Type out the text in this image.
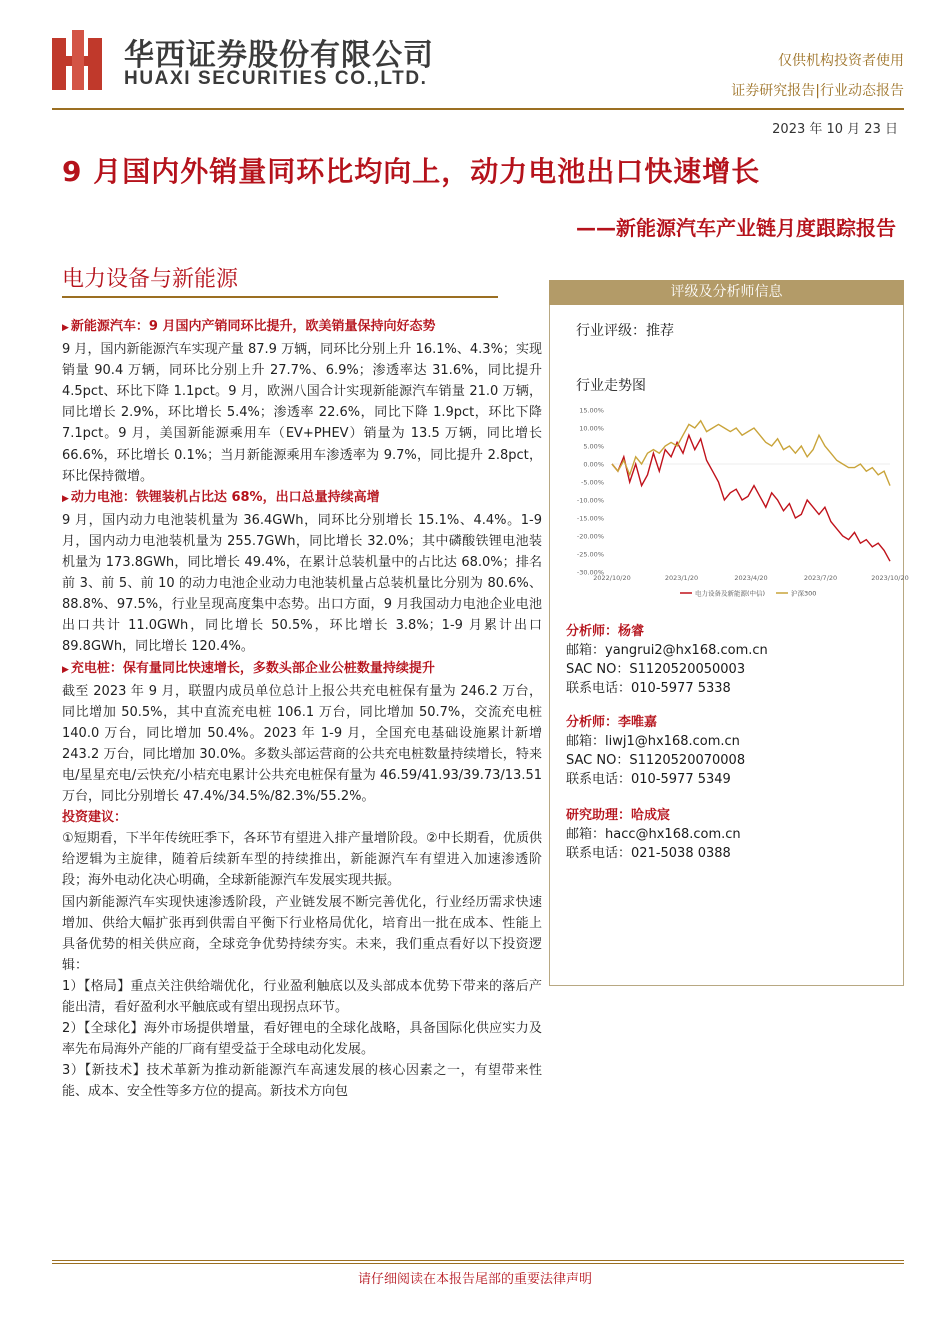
华西证券股份有限公司
HUAXI SECURITIES CO.,LTD.
仅供机构投资者使用
证券研究报告|行业动态报告
2023 年 10 月 23 日
9 月国内外销量同环比均向上，动力电池出口快速增长
——新能源汽车产业链月度跟踪报告
电力设备与新能源

▶ 新能源汽车：9 月国内产销同环比提升，欧美销量保持向好态势

9 月，国内新能源汽车实现产量 87.9 万辆，同环比分别上升 16.1%、4.3%；实现销量 90.4 万辆，同环比分别上升 27.7%、6.9%；渗透率达 31.6%，同比提升 4.5pct、环比下降 1.1pct。9 月，欧洲八国合计实现新能源汽车销量 21.0 万辆，同比增长 2.9%，环比增长 5.4%；渗透率 22.6%，同比下降 1.9pct，环比下降 7.1pct。9 月，美国新能源乘用车（EV+PHEV）销量为 13.5 万辆，同比增长 66.6%，环比增长 0.1%；当月新能源乘用车渗透率为 9.7%，同比提升 2.8pct，环比保持微增。

▶ 动力电池：铁锂装机占比达 68%，出口总量持续高增

9 月，国内动力电池装机量为 36.4GWh，同环比分别增长 15.1%、4.4%。1-9 月，国内动力电池装机量为 255.7GWh，同比增长 32.0%；其中磷酸铁锂电池装机量为 173.8GWh，同比增长 49.4%，在累计总装机量中的占比达 68.0%；排名前 3、前 5、前 10 的动力电池企业动力电池装机量占总装机量比分别为 80.6%、88.8%、97.5%，行业呈现高度集中态势。出口方面，9 月我国动力电池企业电池出口共计 11.0GWh，同比增长 50.5%，环比增长 3.8%；1-9 月累计出口 89.8GWh，同比增长 120.4%。

▶ 充电桩：保有量同比快速增长，多数头部企业公桩数量持续提升

截至 2023 年 9 月，联盟内成员单位总计上报公共充电桩保有量为 246.2 万台，同比增加 50.5%，其中直流充电桩 106.1 万台，同比增加 50.7%，交流充电桩 140.0 万台，同比增加 50.4%。2023 年 1-9 月，全国充电基础设施累计新增 243.2 万台，同比增加 30.0%。多数头部运营商的公共充电桩数量持续增长，特来电/星星充电/云快充/小桔充电累计公共充电桩保有量为 46.59/41.93/39.73/13.51 万台，同比分别增长 47.4%/34.5%/82.3%/55.2%。

投资建议：

①短期看，下半年传统旺季下，各环节有望进入排产量增阶段。②中长期看，优质供给逻辑为主旋律，随着后续新车型的持续推出，新能源汽车有望进入加速渗透阶段；海外电动化决心明确，全球新能源汽车发展实现共振。

国内新能源汽车实现快速渗透阶段，产业链发展不断完善优化，行业经历需求快速增加、供给大幅扩张再到供需自平衡下行业格局优化，培育出一批在成本、性能上具备优势的相关供应商，全球竞争优势持续夯实。未来，我们重点看好以下投资逻辑：

1）【格局】重点关注供给端优化，行业盈利触底以及头部成本优势下带来的落后产能出清，看好盈利水平触底或有望出现拐点环节。

2）【全球化】海外市场提供增量，看好锂电的全球化战略，具备国际化供应实力及率先布局海外产能的厂商有望受益于全球电动化发展。

3）【新技术】技术革新为推动新能源汽车高速发展的核心因素之一，有望带来性能、成本、安全性等多方位的提高。新技术方向包

评级及分析师信息
行业评级：推荐
行业走势图
15.00%
10.00%
5.00%
0.00%
-5.00%
-10.00%
-15.00%
-20.00%
-25.00%
-30.00%
2022/10/20	2023/1/20	2023/4/20	2023/7/20	2023/10/20
电力设备及新能源(中信)	沪深300
分析师：杨睿
邮箱：yangrui2@hx168.com.cn
SAC NO：S1120520050003
联系电话：010-5977 5338
分析师：李唯嘉
邮箱：liwj1@hx168.com.cn
SAC NO：S1120520070008
联系电话：010-5977 5349
研究助理：哈成宸
邮箱：hacc@hx168.com.cn
联系电话：021-5038 0388
请仔细阅读在本报告尾部的重要法律声明
